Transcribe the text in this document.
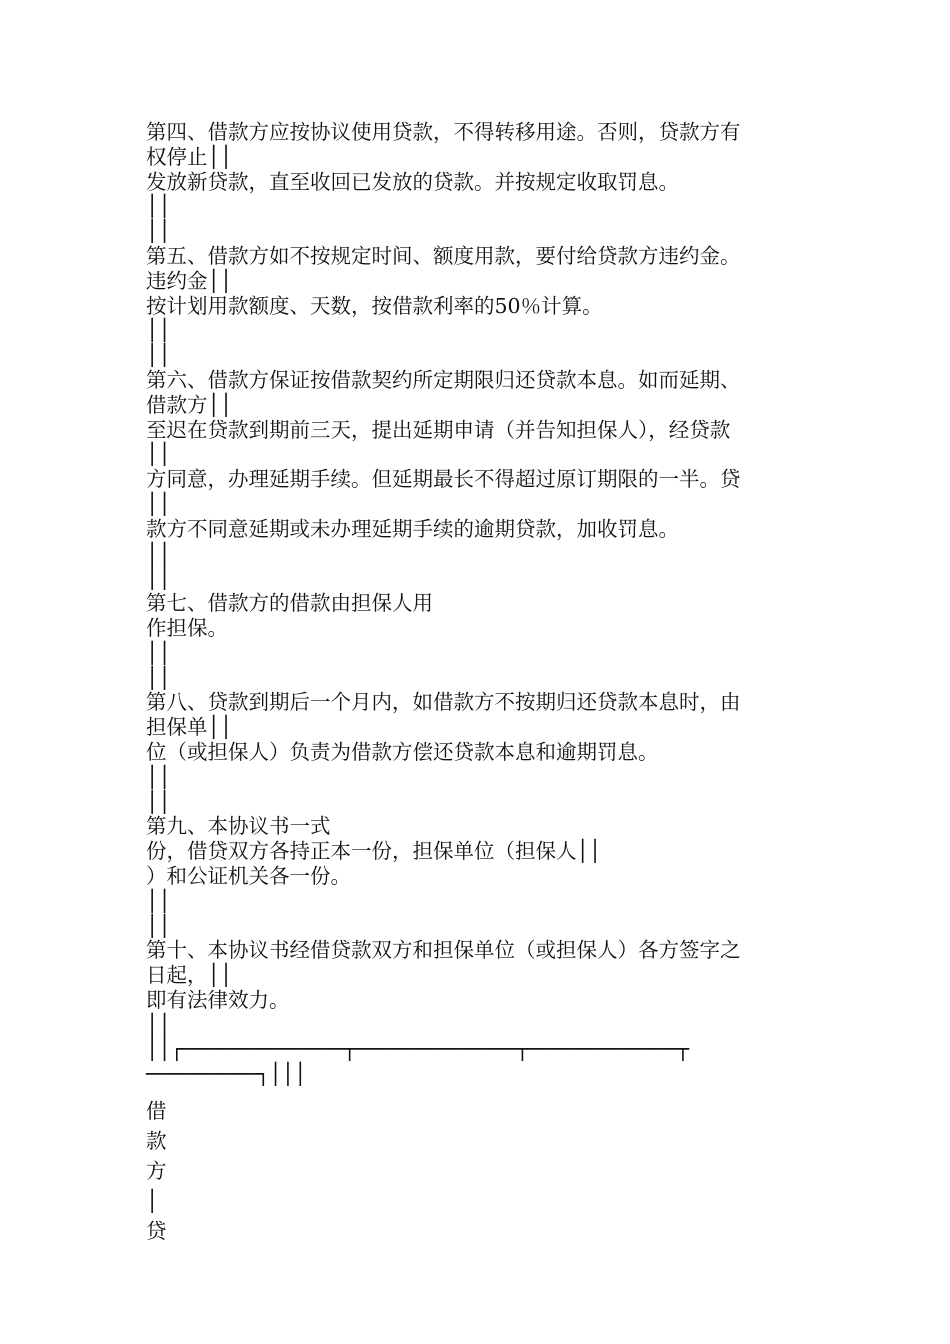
第四、借款方应按协议使用贷款，不得转移用途。否则，贷款方有
权停止││
发放新贷款，直至收回已发放的贷款。并按规定收取罚息。
││
││
第五、借款方如不按规定时间、额度用款，要付给贷款方违约金。
违约金││
按计划用款额度、天数，按借款利率的50％计算。
││
││
第六、借款方保证按借款契约所定期限归还贷款本息。如而延期、
借款方││
至迟在贷款到期前三天，提出延期申请（并告知担保人），经贷款
││
方同意，办理延期手续。但延期最长不得超过原订期限的一半。贷
││
款方不同意延期或未办理延期手续的逾期贷款，加收罚息。
││
││
第七、借款方的借款由担保人用
作担保。
││
││
第八、贷款到期后一个月内，如借款方不按期归还贷款本息时，由
担保单││
位（或担保人）负责为借款方偿还贷款本息和逾期罚息。
││
││
第九、本协议书一式
份，借贷双方各持正本一份，担保单位（担保人││
）和公证机关各一份。
││
││
第十、本协议书经借贷款双方和担保单位（或担保人）各方签字之
日起，││
即有法律效力。
││
││┌─────────────┬─────────────┬────────────┬
─────────┐│││
借
款
方
│
贷
